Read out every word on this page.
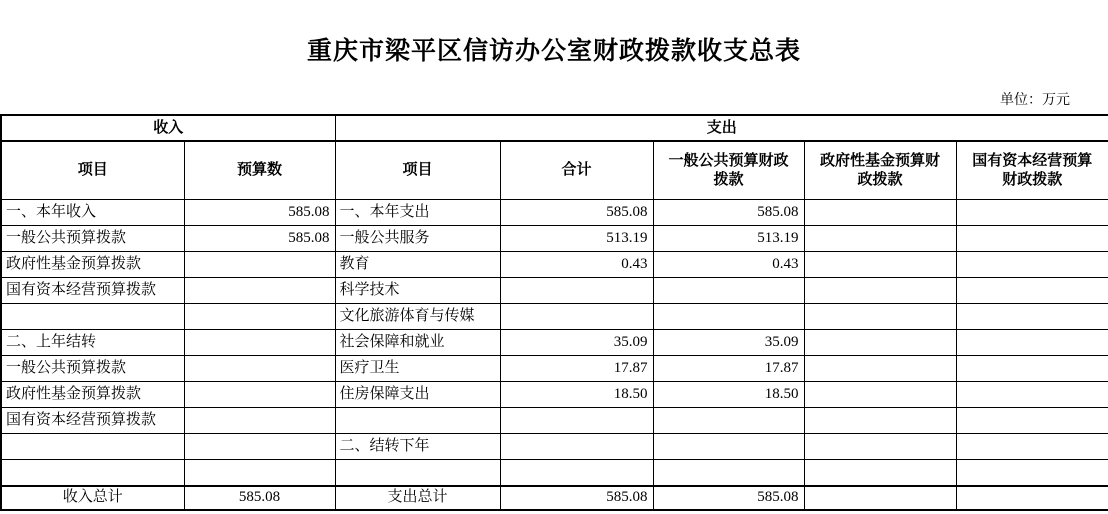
重庆市梁平区信访办公室财政拨款收支总表
单位：万元
收入		支出				
项目	预算数	项目	合计	一般公共预算财政拨款	政府性基金预算财政拨款	国有资本经营预算财政拨款
一、本年收入	585.08	一、本年支出	585.08	585.08		
一般公共预算拨款	585.08	一般公共服务	513.19	513.19		
政府性基金预算拨款		教育	0.43	0.43		
国有资本经营预算拨款		科学技术				
		文化旅游体育与传媒				
二、上年结转		社会保障和就业	35.09	35.09		
一般公共预算拨款		医疗卫生	17.87	17.87		
政府性基金预算拨款		住房保障支出	18.50	18.50		
国有资本经营预算拨款						
		二、结转下年				

收入总计	585.08	支出总计	585.08	585.08		
